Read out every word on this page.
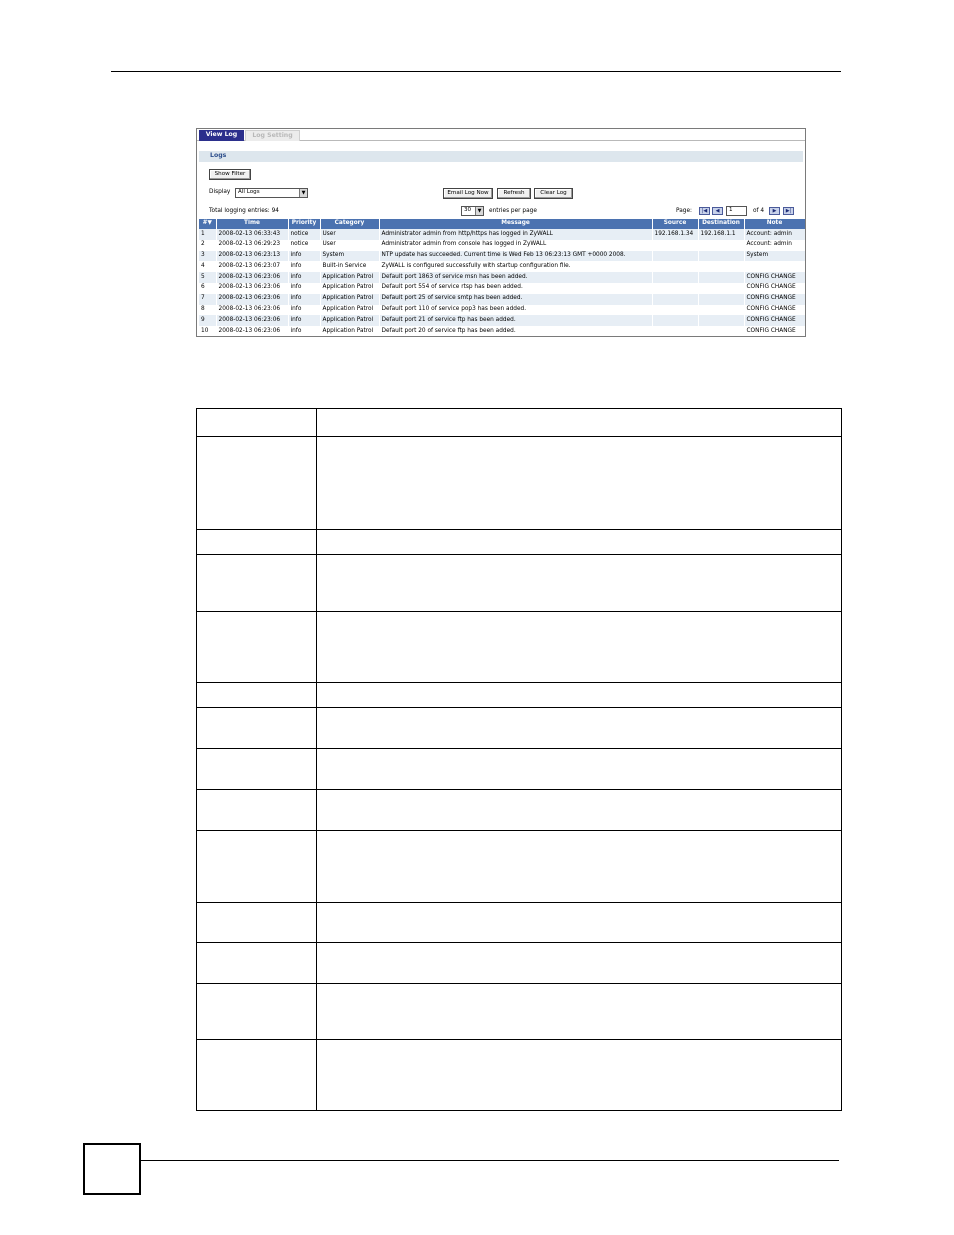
View Log	Log Setting
Logs
Show Filter
Display	All Logs	▼	Email Log Now	Refresh	Clear Log
Total logging entries: 94	30	▼ entries per page	Page:	|◀	◀	1	of 4	▶	▶|
#▼	Time	Priority	Category	Message	Source	Destination	Note
1	2008-02-13 06:33:43	notice	User	Administrator admin from http/https has logged in ZyWALL	192.168.1.34	192.168.1.1	Account: admin
2	2008-02-13 06:29:23	notice	User	Administrator admin from console has logged in ZyWALL			Account: admin
3	2008-02-13 06:23:13	info	System	NTP update has succeeded. Current time is Wed Feb 13 06:23:13 GMT +0000 2008.			System
4	2008-02-13 06:23:07	info	Built-in Service	ZyWALL is configured successfully with startup configuration file.			
5	2008-02-13 06:23:06	info	Application Patrol	Default port 1863 of service msn has been added.			CONFIG CHANGE
6	2008-02-13 06:23:06	info	Application Patrol	Default port 554 of service rtsp has been added.			CONFIG CHANGE
7	2008-02-13 06:23:06	info	Application Patrol	Default port 25 of service smtp has been added.			CONFIG CHANGE
8	2008-02-13 06:23:06	info	Application Patrol	Default port 110 of service pop3 has been added.			CONFIG CHANGE
9	2008-02-13 06:23:06	info	Application Patrol	Default port 21 of service ftp has been added.			CONFIG CHANGE
10	2008-02-13 06:23:06	info	Application Patrol	Default port 20 of service ftp has been added.			CONFIG CHANGE
